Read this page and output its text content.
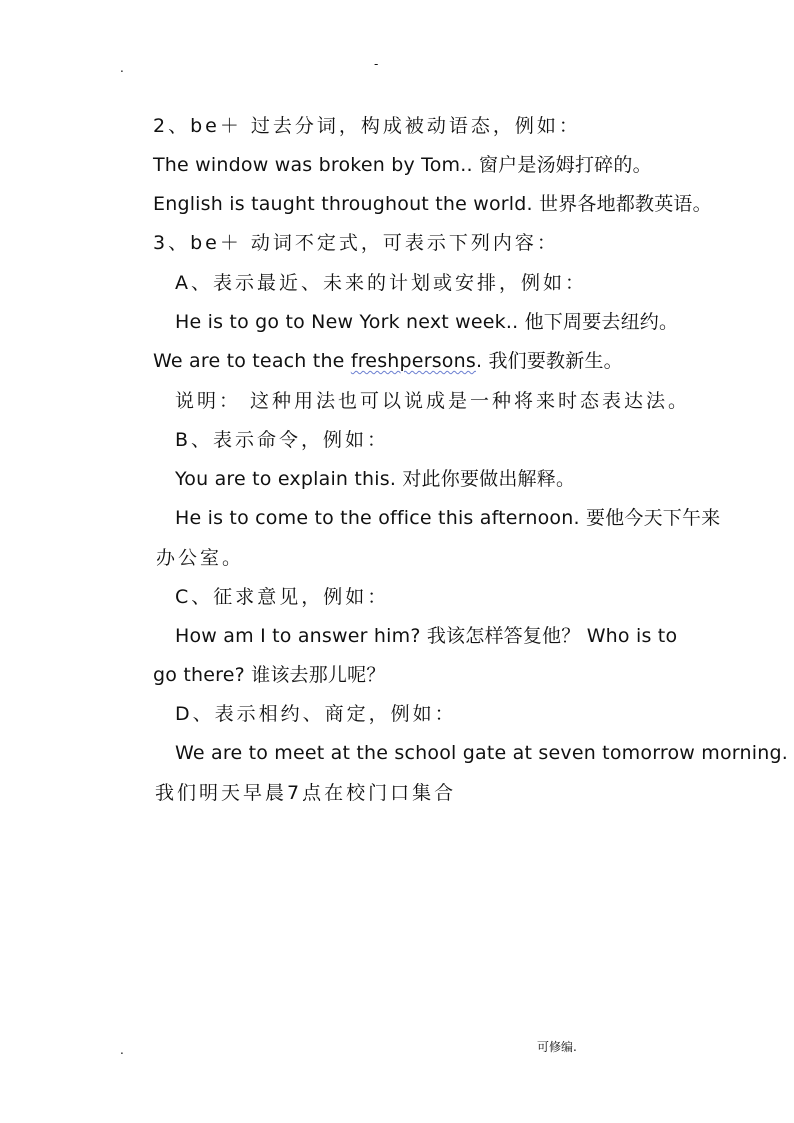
.	-
2、be＋ 过去分词，构成被动语态，例如：
The window was broken by Tom.. 窗户是汤姆打碎的。
English is taught throughout the world. 世界各地都教英语。
3、be＋ 动词不定式，可表示下列内容：
A、表示最近、未来的计划或安排，例如：
He is to go to New York next week.. 他下周要去纽约。
We are to teach the freshpersons. 我们要教新生。
说明： 这种用法也可以说成是一种将来时态表达法。
B、表示命令，例如：
You are to explain this. 对此你要做出解释。
He is to come to the office this afternoon. 要他今天下午来
办公室。
C、征求意见，例如：
How am I to answer him? 我该怎样答复他？ Who is to
go there? 谁该去那儿呢？
D、表示相约、商定，例如：
We are to meet at the school gate at seven tomorrow morning.
我们明天早晨7点在校门口集合
.	可修编.
